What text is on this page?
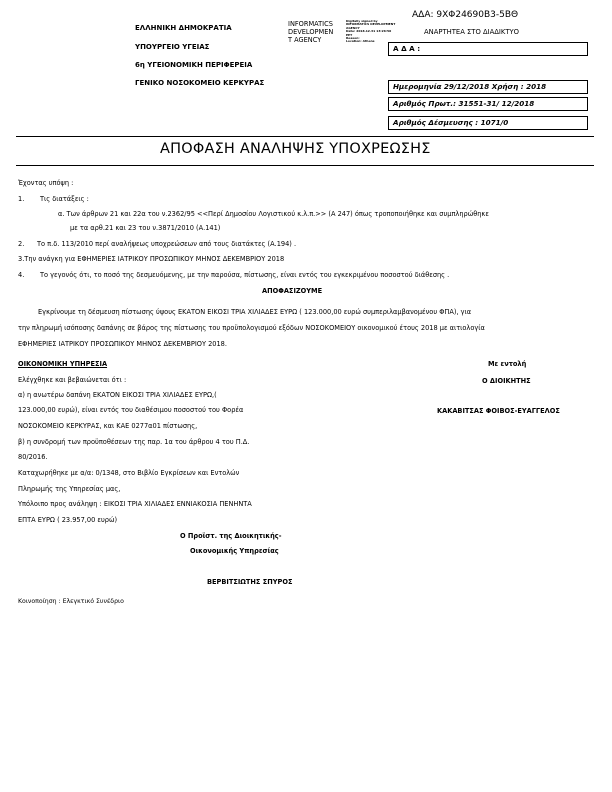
ΑΔΑ: 9ΧΦ24690Β3-5ΒΘ
ΕΛΛΗΝΙΚΗ ΔΗΜΟΚΡΑΤΙΑ
ΥΠΟΥΡΓΕΙΟ ΥΓΕΙΑΣ
6η ΥΓΕΙΟΝΟΜΙΚΗ ΠΕΡΙΦΕΡΕΙΑ
ΓΕΝΙΚΟ ΝΟΣΟΚΟΜΕΙΟ ΚΕΡΚΥΡΑΣ
INFORMATICS
DEVELOPMEN
T AGENCY
Digitally signed by
INFORMATICS DEVELOPMENT
AGENCY
Date: 2018.12.31 13:26:50
EET
Reason:
Location: Athens
ΑΝΑΡΤΗΤΕΑ ΣΤΟ ΔΙΑΔΙΚΤΥΟ
Α Δ Α :
Ημερομηνία 29/12/2018 Χρήση : 2018
Αριθμός Πρωτ.: 31551-31/ 12/2018
Αριθμός Δέσμευσης : 1071/0
ΑΠΟΦΑΣΗ ΑΝΑΛΗΨΗΣ ΥΠΟΧΡΕΩΣΗΣ
Έχοντας υπόψη :
1. Τις διατάξεις :
α. Των άρθρων 21 και 22α του ν.2362/95 <<Περί Δημοσίου Λογιστικού κ.λ.π.>> (Α 247) όπως τροποποιήθηκε και συμπληρώθηκε
με τα αρθ.21 και 23 του ν.3871/2010 (Α.141)
2. Το π.δ. 113/2010 περί αναλήψεως υποχρεώσεων από τους διατάκτες (Α.194) .
3.Την ανάγκη για ΕΦΗΜΕΡΙΕΣ ΙΑΤΡΙΚΟΥ ΠΡΟΣΩΠΙΚΟΥ ΜΗΝΟΣ ΔΕΚΕΜΒΡΙΟΥ 2018
4. Το γεγονός ότι, το ποσό της δεσμευόμενης, με την παρούσα, πίστωσης, είναι εντός του εγκεκριμένου ποσοστού διάθεσης .
ΑΠΟΦΑΣΙΖΟΥΜΕ
Εγκρίνουμε τη δέσμευση πίστωσης ύψους ΕΚΑΤΟΝ ΕΙΚΟΣΙ ΤΡΙΑ ΧΙΛΙΑΔΕΣ ΕΥΡΩ ( 123.000,00 ευρώ συμπεριλαμβανομένου ΦΠΑ), για
την πληρωμή ισόποσης δαπάνης σε βάρος της πίστωσης του προϋπολογισμού εξόδων ΝΟΣΟΚΟΜΕΙΟΥ οικονομικού έτους 2018 με αιτιολογία
ΕΦΗΜΕΡΙΕΣ ΙΑΤΡΙΚΟΥ ΠΡΟΣΩΠΙΚΟΥ ΜΗΝΟΣ ΔΕΚΕΜΒΡΙΟΥ 2018.
ΟΙΚΟΝΟΜΙΚΗ ΥΠΗΡΕΣΙΑ
Ελέγχθηκε και βεβαιώνεται ότι :
α) η ανωτέρω δαπάνη ΕΚΑΤΟΝ ΕΙΚΟΣΙ ΤΡΙΑ ΧΙΛΙΑΔΕΣ ΕΥΡΩ,(
123.000,00 ευρώ), είναι εντός του διαθέσιμου ποσοστού του Φορέα
ΝΟΣΟΚΟΜΕΙΟ ΚΕΡΚΥΡΑΣ, και ΚΑΕ 0277α01 πίστωσης,
β) η συνδρομή των προϋποθέσεων της παρ. 1α του άρθρου 4 του Π.Δ.
80/2016.
Καταχωρήθηκε με α/α: 0/1348, στο Βιβλίο Εγκρίσεων και Εντολών
Πληρωμής της Υπηρεσίας μας,
Υπόλοιπο προς ανάληψη : ΕΙΚΟΣΙ ΤΡΙΑ ΧΙΛΙΑΔΕΣ ΕΝΝΙΑΚΟΣΙΑ ΠΕΝΗΝΤΑ
ΕΠΤΑ ΕΥΡΩ ( 23.957,00 ευρώ)
Με εντολή
Ο ΔΙΟΙΚΗΤΗΣ
ΚΑΚΑΒΙΤΣΑΣ ΦΟΙΒΟΣ-ΕΥΑΓΓΕΛΟΣ
Ο Προϊστ. της Διοικητικής-
Οικονομικής Υπηρεσίας
ΒΕΡΒΙΤΣΙΩΤΗΣ ΣΠΥΡΟΣ
Κοινοποίηση : Ελεγκτικό Συνέδριο
